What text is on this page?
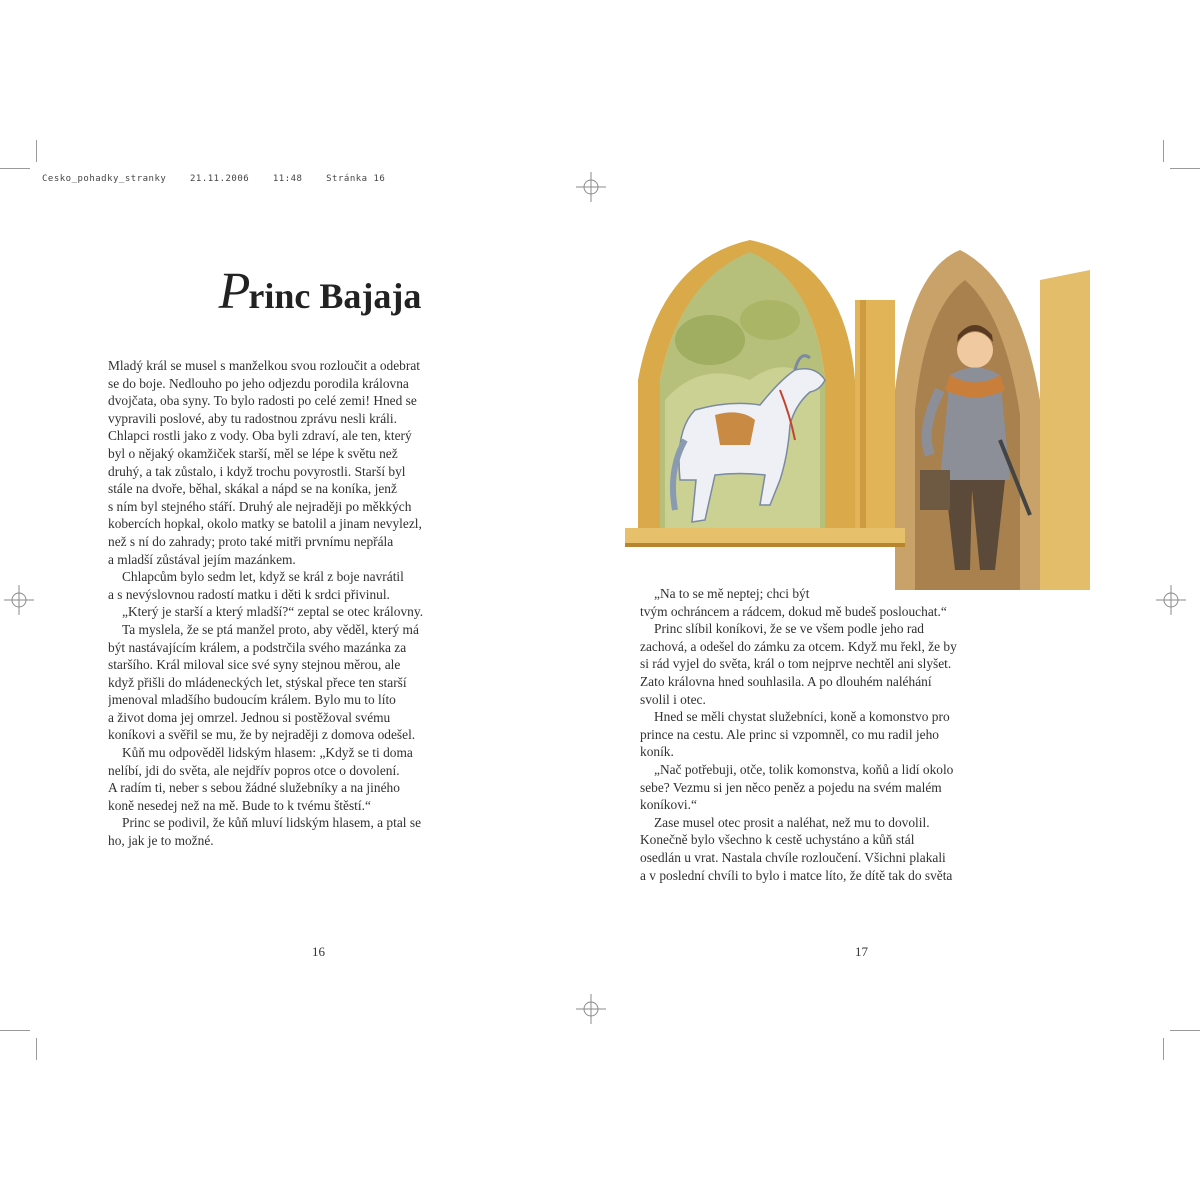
Cesko_pohadky_stranky	21.11.2006	11:48	Stránka 16
Princ Bajaja

Mladý král se musel s manželkou svou rozloučit a odebrat
se do boje. Nedlouho po jeho odjezdu porodila královna
dvojčata, oba syny. To bylo radosti po celé zemi! Hned se
vypravili poslové, aby tu radostnou zprávu nesli králi.
Chlapci rostli jako z vody. Oba byli zdraví, ale ten, který
byl o nějaký okamžiček starší, měl se lépe k světu než
druhý, a tak zůstalo, i když trochu povyrostli. Starší byl
stále na dvoře, běhal, skákal a nápd se na koníka, jenž
s ním byl stejného stáří. Druhý ale nejraději po měkkých
kobercích hopkal, okolo matky se batolil a jinam nevylezl,
než s ní do zahrady; proto také mitři prvnímu nepřála
a mladší zůstával jejím mazánkem.

Chlapcům bylo sedm let, když se král z boje navrátil
a s nevýslovnou radostí matku i děti k srdci přivinul.

„Který je starší a který mladší?“ zeptal se otec královny.

Ta myslela, že se ptá manžel proto, aby věděl, který má
být nastávajícím králem, a podstrčila svého mazánka za
staršího. Král miloval sice své syny stejnou měrou, ale
když přišli do mládeneckých let, stýskal přece ten starší
jmenoval mladšího budoucím králem. Bylo mu to líto
a život doma jej omrzel. Jednou si postěžoval svému
koníkovi a svěřil se mu, že by nejraději z domova odešel.

Kůň mu odpověděl lidským hlasem: „Když se ti doma
nelíbí, jdi do světa, ale nejdřív popros otce o dovolení.
A radím ti, neber s sebou žádné služebníky a na jiného
koně nesedej než na mě. Bude to k tvému štěstí.“

Princ se podivil, že kůň mluví lidským hlasem, a ptal se
ho, jak je to možné.

16

„Na to se mě neptej; chci být
tvým ochráncem a rádcem, dokud mě budeš poslouchat.“

Princ slíbil koníkovi, že se ve všem podle jeho rad
zachová, a odešel do zámku za otcem. Když mu řekl, že by
si rád vyjel do světa, král o tom nejprve nechtěl ani slyšet.
Zato královna hned souhlasila. A po dlouhém naléhání
svolil i otec.

Hned se měli chystat služebníci, koně a komonstvo pro
prince na cestu. Ale princ si vzpomněl, co mu radil jeho
koník.

„Nač potřebuji, otče, tolik komonstva, koňů a lidí okolo
sebe? Vezmu si jen něco peněz a pojedu na svém malém
koníkovi.“

Zase musel otec prosit a naléhat, než mu to dovolil.
Konečně bylo všechno k cestě uchystáno a kůň stál
osedlán u vrat. Nastala chvíle rozloučení. Všichni plakali
a v poslední chvíli to bylo i matce líto, že dítě tak do světa

17
